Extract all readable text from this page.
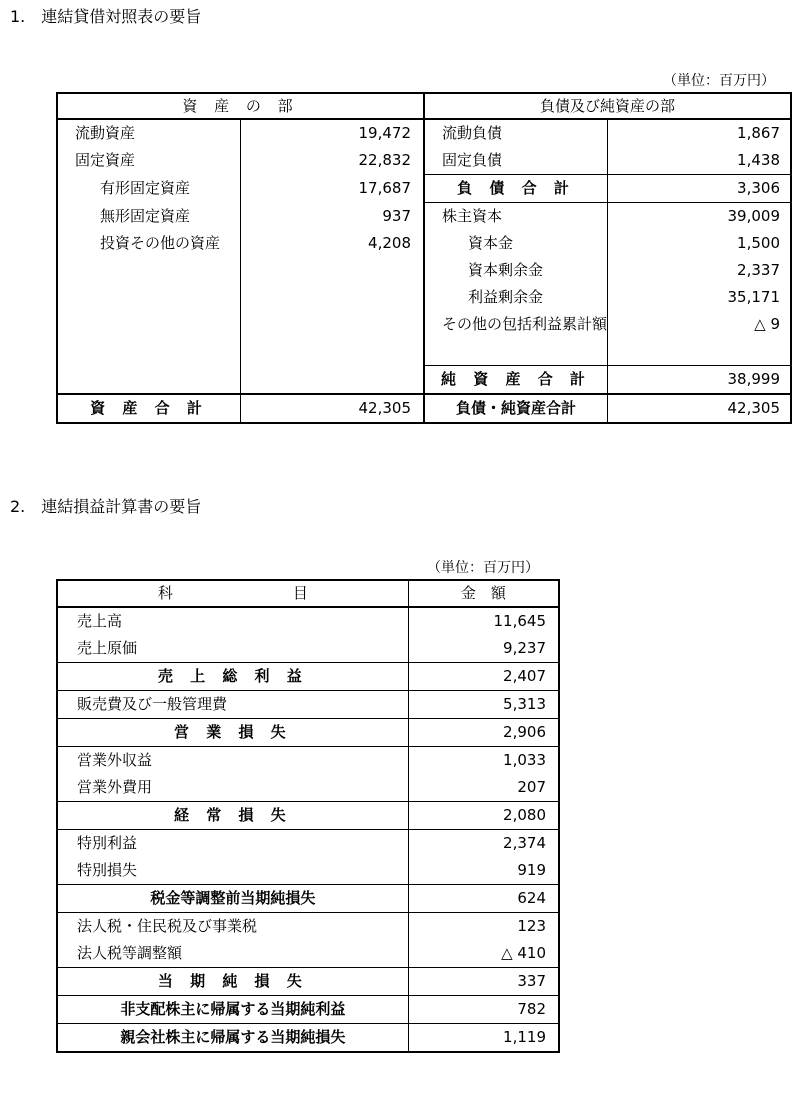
1.　連結貸借対照表の要旨
（単位：百万円）
資 産 の 部		負債及び純資産の部	
流動資産	19,472	流動負債	1,867
固定資産	22,832	固定負債	1,438
有形固定資産	17,687	負 債 合 計	3,306
無形固定資産	937	株主資本	39,009
投資その他の資産	4,208	資本金	1,500
		資本剰余金	2,337
		利益剰余金	35,171
		その他の包括利益累計額	△ 9

		純 資 産 合 計	38,999
資 産 合 計	42,305	負債・純資産合計	42,305
2.　連結損益計算書の要旨
（単位：百万円）
科　　　　　　　　目	金　額
売上高	11,645
売上原価	9,237
売 上 総 利 益	2,407
販売費及び一般管理費	5,313
営 業 損 失	2,906
営業外収益	1,033
営業外費用	207
経 常 損 失	2,080
特別利益	2,374
特別損失	919
税金等調整前当期純損失	624
法人税・住民税及び事業税	123
法人税等調整額	△ 410
当 期 純 損 失	337
非支配株主に帰属する当期純利益	782
親会社株主に帰属する当期純損失	1,119
